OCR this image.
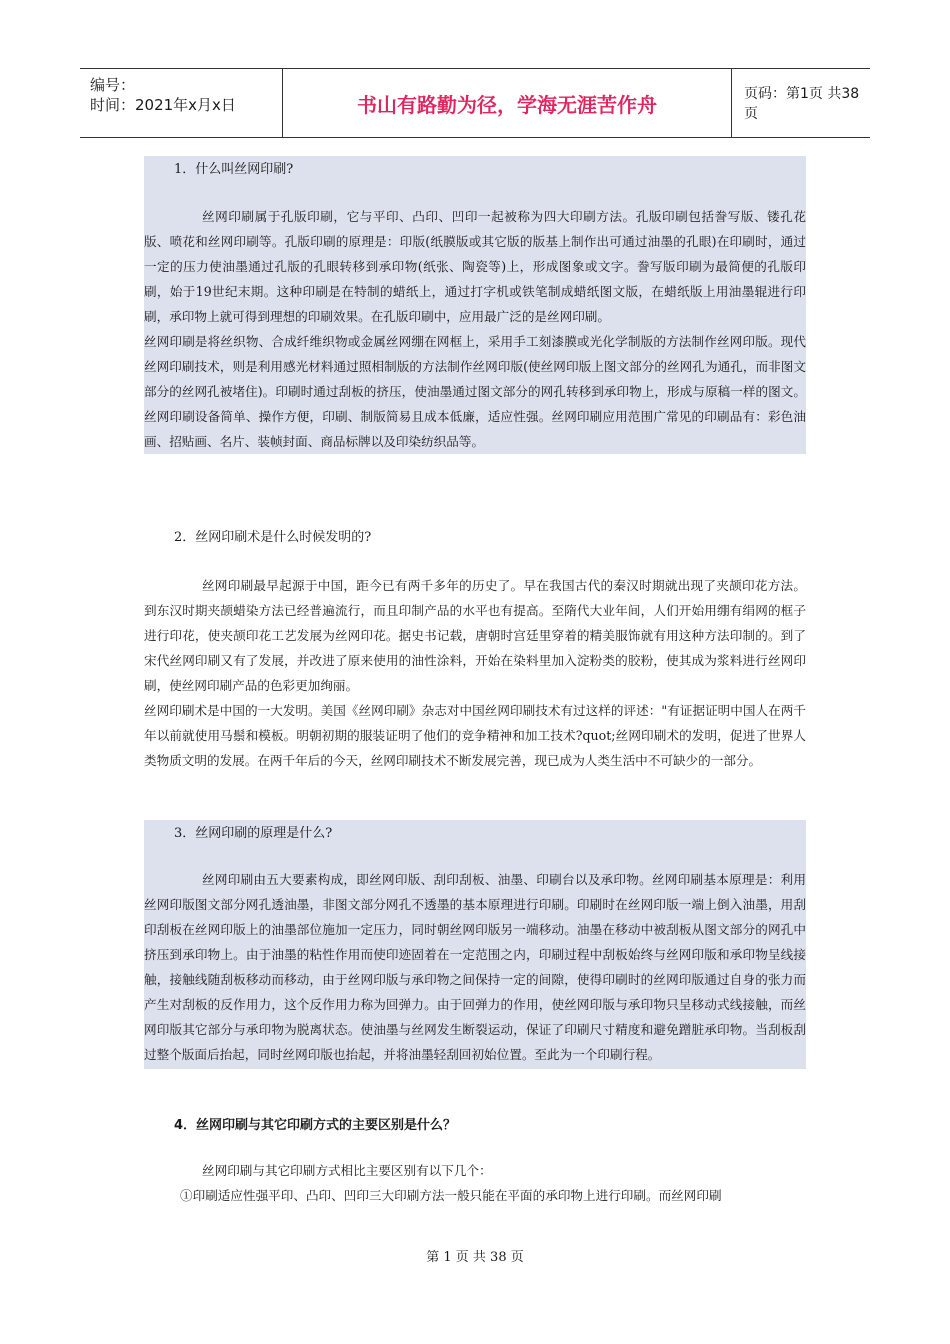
编号：
时间：2021年x月x日	书山有路勤为径，学海无涯苦作舟	页码：第1页 共38页

1．什么叫丝网印刷?

丝网印刷属于孔版印刷，它与平印、凸印、凹印一起被称为四大印刷方法。孔版印刷包括誊写版、镂孔花版、喷花和丝网印刷等。孔版印刷的原理是：印版(纸膜版或其它版的版基上制作出可通过油墨的孔眼)在印刷时，通过一定的压力使油墨通过孔版的孔眼转移到承印物(纸张、陶瓷等)上，形成图象或文字。誊写版印刷为最简便的孔版印刷，始于19世纪末期。这种印刷是在特制的蜡纸上，通过打字机或铁笔制成蜡纸图文版，在蜡纸版上用油墨辊进行印刷，承印物上就可得到理想的印刷效果。在孔版印刷中，应用最广泛的是丝网印刷。

丝网印刷是将丝织物、合成纤维织物或金属丝网绷在网框上，采用手工刻漆膜或光化学制版的方法制作丝网印版。现代丝网印刷技术，则是利用感光材料通过照相制版的方法制作丝网印版(使丝网印版上图文部分的丝网孔为通孔，而非图文部分的丝网孔被堵住)。印刷时通过刮板的挤压，使油墨通过图文部分的网孔转移到承印物上，形成与原稿一样的图文。丝网印刷设备简单、操作方便，印刷、制版简易且成本低廉，适应性强。丝网印刷应用范围广常见的印刷品有：彩色油画、招贴画、名片、装帧封面、商品标牌以及印染纺织品等。

2．丝网印刷术是什么时候发明的?

丝网印刷最早起源于中国，距今已有两千多年的历史了。早在我国古代的秦汉时期就出现了夹颉印花方法。到东汉时期夹颉蜡染方法已经普遍流行，而且印制产品的水平也有提高。至隋代大业年间，人们开始用绷有绢网的框子进行印花，使夹颉印花工艺发展为丝网印花。据史书记载，唐朝时宫廷里穿着的精美服饰就有用这种方法印制的。到了宋代丝网印刷又有了发展，并改进了原来使用的油性涂料，开始在染料里加入淀粉类的胶粉，使其成为浆料进行丝网印刷，使丝网印刷产品的色彩更加绚丽。

丝网印刷术是中国的一大发明。美国《丝网印刷》杂志对中国丝网印刷技术有过这样的评述："有证据证明中国人在两千年以前就使用马鬃和模板。明朝初期的服装证明了他们的竞争精神和加工技术?quot;丝网印刷术的发明，促进了世界人类物质文明的发展。在两千年后的今天，丝网印刷技术不断发展完善，现已成为人类生活中不可缺少的一部分。

3．丝网印刷的原理是什么?

丝网印刷由五大要素构成，即丝网印版、刮印刮板、油墨、印刷台以及承印物。丝网印刷基本原理是：利用丝网印版图文部分网孔透油墨，非图文部分网孔不透墨的基本原理进行印刷。印刷时在丝网印版一端上倒入油墨，用刮印刮板在丝网印版上的油墨部位施加一定压力，同时朝丝网印版另一端移动。油墨在移动中被刮板从图文部分的网孔中挤压到承印物上。由于油墨的粘性作用而使印迹固着在一定范围之内，印刷过程中刮板始终与丝网印版和承印物呈线接触，接触线随刮板移动而移动，由于丝网印版与承印物之间保持一定的间隙，使得印刷时的丝网印版通过自身的张力而产生对刮板的反作用力，这个反作用力称为回弹力。由于回弹力的作用，使丝网印版与承印物只呈移动式线接触，而丝网印版其它部分与承印物为脱离状态。使油墨与丝网发生断裂运动，保证了印刷尺寸精度和避免蹭脏承印物。当刮板刮过整个版面后抬起，同时丝网印版也抬起，并将油墨轻刮回初始位置。至此为一个印刷行程。

4．丝网印刷与其它印刷方式的主要区别是什么？

丝网印刷与其它印刷方式相比主要区别有以下几个：

①印刷适应性强平印、凸印、凹印三大印刷方法一般只能在平面的承印物上进行印刷。而丝网印刷

第 1 页 共 38 页
